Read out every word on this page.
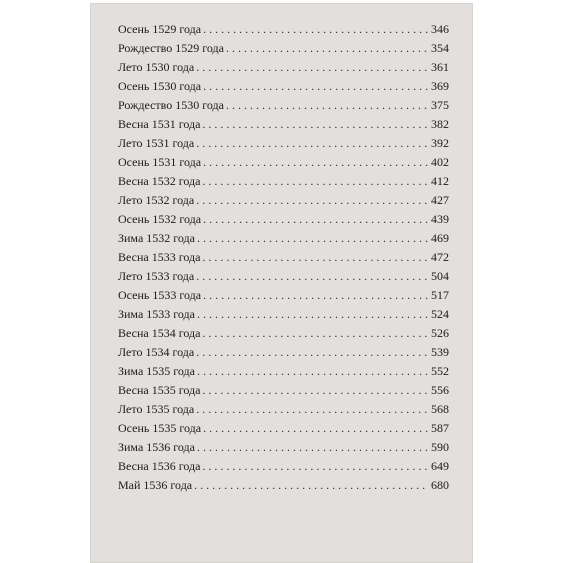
Осень 1529 года . . .	346
Рождество 1529 года . . .	354
Лето 1530 года . . .	361
Осень 1530 года . . .	369
Рождество 1530 года . . .	375
Весна 1531 года . . .	382
Лето 1531 года . . .	392
Осень 1531 года . . .	402
Весна 1532 года . . .	412
Лето 1532 года . . .	427
Осень 1532 года . . .	439
Зима 1532 года . . .	469
Весна 1533 года . . .	472
Лето 1533 года . . .	504
Осень 1533 года . . .	517
Зима 1533 года . . .	524
Весна 1534 года . . .	526
Лето 1534 года . . .	539
Зима 1535 года . . .	552
Весна 1535 года . . .	556
Лето 1535 года . . .	568
Осень 1535 года . . .	587
Зима 1536 года . . .	590
Весна 1536 года . . .	649
Май 1536 года . . .	680
